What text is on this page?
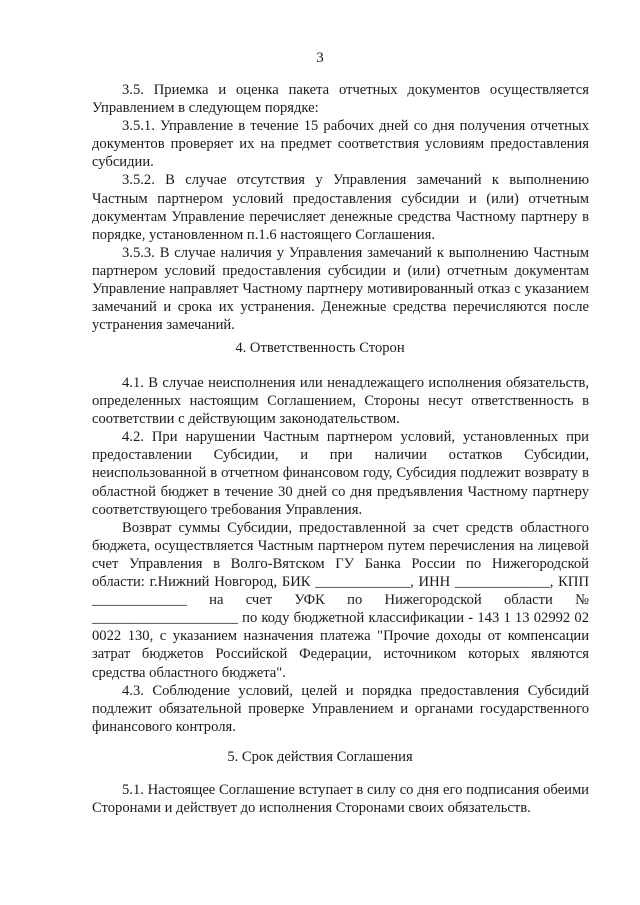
3

3.5. Приемка и оценка пакета отчетных документов осуществляется Управлением в следующем порядке:

3.5.1. Управление в течение 15 рабочих дней со дня получения отчетных документов проверяет их на предмет соответствия условиям предоставления субсидии.

3.5.2. В случае отсутствия у Управления замечаний к выполнению Частным партнером условий предоставления субсидии и (или) отчетным документам Управление перечисляет денежные средства Частному партнеру в порядке, установленном п.1.6 настоящего Соглашения.

3.5.3. В случае наличия у Управления замечаний к выполнению Частным партнером условий предоставления субсидии и (или) отчетным документам Управление направляет Частному партнеру мотивированный отказ с указанием замечаний и срока их устранения. Денежные средства перечисляются после устранения замечаний.

4. Ответственность Сторон

4.1. В случае неисполнения или ненадлежащего исполнения обязательств, определенных настоящим Соглашением, Стороны несут ответственность в соответствии с действующим законодательством.

4.2. При нарушении Частным партнером условий, установленных при предоставлении Субсидии, и при наличии остатков Субсидии, неиспользованной в отчетном финансовом году, Субсидия подлежит возврату в областной бюджет в течение 30 дней со дня предъявления Частному партнеру соответствующего требования Управления.

Возврат суммы Субсидии, предоставленной за счет средств областного бюджета, осуществляется Частным партнером путем перечисления на лицевой счет Управления в Волго-Вятском ГУ Банка России по Нижегородской области: г.Нижний Новгород, БИК _____________, ИНН _____________, КПП _____________ на счет УФК по Нижегородской области № ____________________ по коду бюджетной классификации - 143 1 13 02992 02 0022 130, с указанием назначения платежа "Прочие доходы от компенсации затрат бюджетов Российской Федерации, источником которых являются средства областного бюджета".

4.3. Соблюдение условий, целей и порядка предоставления Субсидий подлежит обязательной проверке Управлением и органами государственного финансового контроля.

5. Срок действия Соглашения

5.1. Настоящее Соглашение вступает в силу со дня его подписания обеими Сторонами и действует до исполнения Сторонами своих обязательств.
